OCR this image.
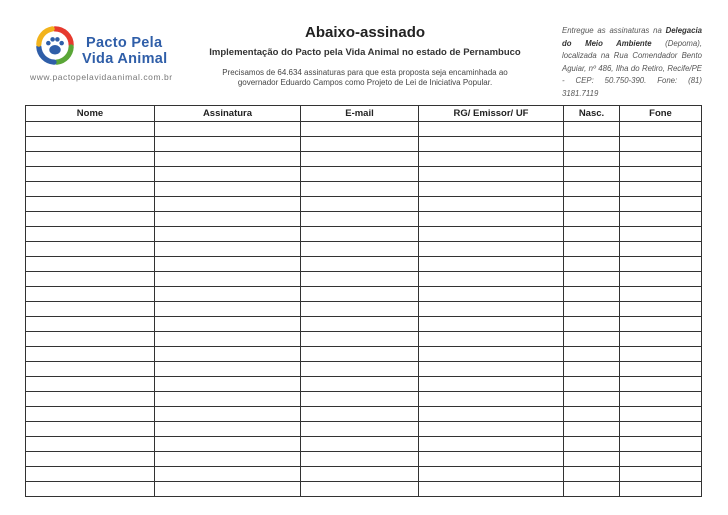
Pacto Pela
Vida Animal
www.pactopelavidaanimal.com.br
Abaixo-assinado
Implementação do Pacto pela Vida Animal no estado de Pernambuco
Precisamos de 64.634 assinaturas para que esta proposta seja encaminhada ao governador Eduardo Campos como Projeto de Lei de Iniciativa Popular.
Entregue as assinaturas na Delegacia do Meio Ambiente (Depoma), localizada na Rua Comendador Bento Aguiar, nº 486, Ilha do Retiro, Recife/PE - CEP: 50.750-390. Fone: (81) 3181.7119
Nome	Assinatura	E-mail	RG/ Emissor/ UF	Nasc.	Fone
